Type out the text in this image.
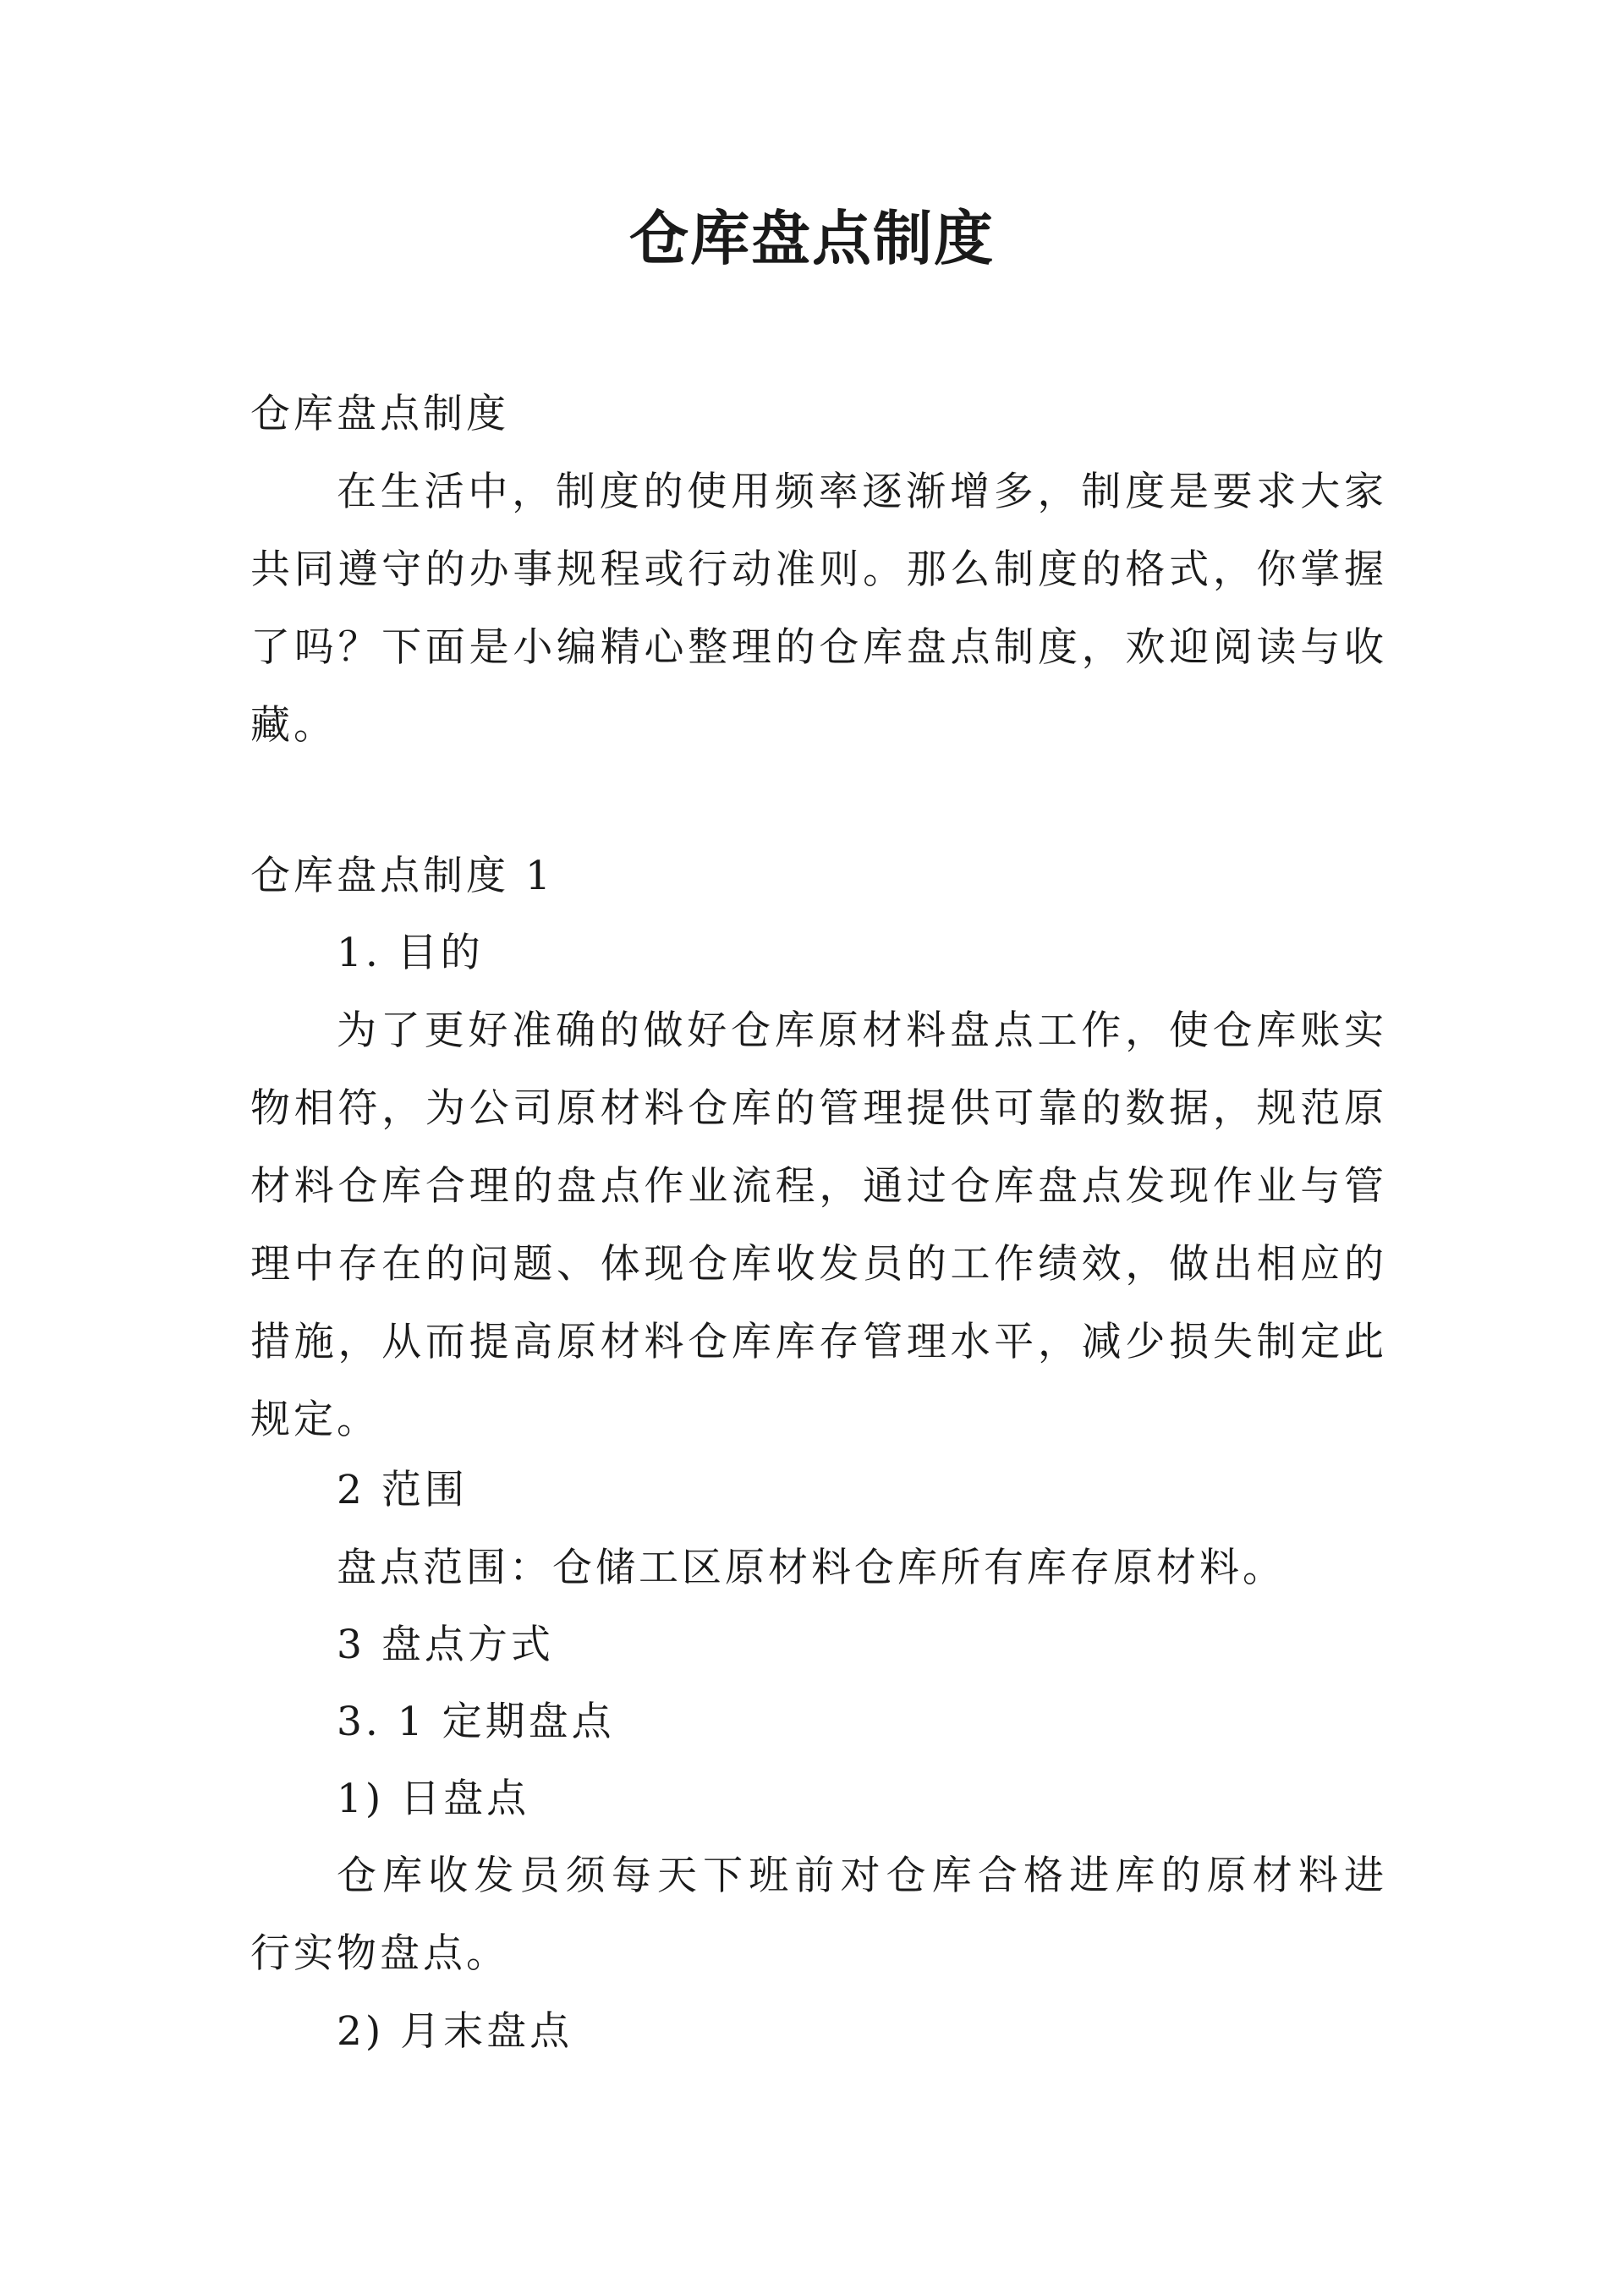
仓库盘点制度

仓库盘点制度

在生活中，制度的使用频率逐渐增多，制度是要求大家

共同遵守的办事规程或行动准则。那么制度的格式，你掌握

了吗？下面是小编精心整理的仓库盘点制度，欢迎阅读与收

藏。

仓库盘点制度 1

1. 目的

为了更好准确的做好仓库原材料盘点工作，使仓库账实

物相符，为公司原材料仓库的管理提供可靠的数据，规范原

材料仓库合理的盘点作业流程，通过仓库盘点发现作业与管

理中存在的问题、体现仓库收发员的工作绩效，做出相应的

措施，从而提高原材料仓库库存管理水平，减少损失制定此

规定。

2 范围

盘点范围：仓储工区原材料仓库所有库存原材料。

3 盘点方式

3. 1 定期盘点

1) 日盘点

仓库收发员须每天下班前对仓库合格进库的原材料进

行实物盘点。

2) 月末盘点
